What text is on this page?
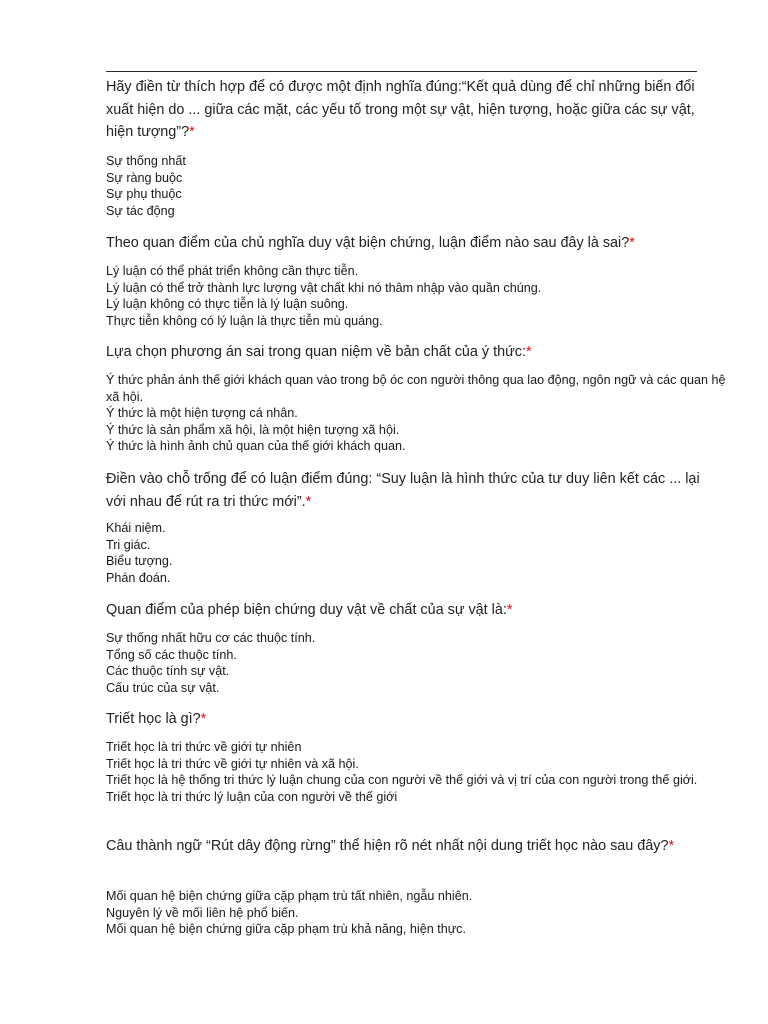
Hãy điền từ thích hợp để có được một định nghĩa đúng:“Kết quả dùng để chỉ những biến đổi xuất hiện do ... giữa các mặt, các yếu tố trong một sự vật, hiện tượng, hoặc giữa các sự vật, hiện tượng”?*
Sự thống nhất
Sự ràng buộc
Sự phụ thuộc
Sự tác động
Theo quan điểm của chủ nghĩa duy vật biện chứng, luận điểm nào sau đây là sai?*
Lý luận có thể phát triển không cần thực tiễn.
Lý luận có thể trở thành lực lượng vật chất khi nó thâm nhập vào quần chúng.
Lý luận không có thực tiễn là lý luận suông.
Thực tiễn không có lý luận là thực tiễn mù quáng.
Lựa chọn phương án sai trong quan niệm về bản chất của ý thức:*
Ý thức phản ánh thế giới khách quan vào trong bộ óc con người thông qua lao động, ngôn ngữ và các quan hệ xã hội.
Ý thức là một hiện tượng cá nhân.
Ý thức là sản phẩm xã hội, là một hiện tượng xã hội.
Ý thức là hình ảnh chủ quan của thế giới khách quan.
Điền vào chỗ trống để có luận điểm đúng: “Suy luận là hình thức của tư duy liên kết các ... lại với nhau để rút ra tri thức mới”.*
Khái niệm.
Tri giác.
Biểu tượng.
Phán đoán.
Quan điểm của phép biện chứng duy vật về chất của sự vật là:*
Sự thống nhất hữu cơ các thuộc tính.
Tổng số các thuộc tính.
Các thuộc tính sự vật.
Cấu trúc của sự vật.
Triết học là gì?*
Triết học là tri thức về giới tự nhiên
Triết học là tri thức về giới tự nhiên và xã hội.
Triết học là hệ thống tri thức lý luận chung của con người về thế giới và vị trí của con người trong thế giới.
Triết học là tri thức lý luận của con người về thế giới
Câu thành ngữ “Rút dây động rừng” thể hiện rõ nét nhất nội dung triết học nào sau đây?*
Mối quan hệ biện chứng giữa cặp phạm trù tất nhiên, ngẫu nhiên.
Nguyên lý về mối liên hệ phổ biến.
Mối quan hệ biện chứng giữa cặp phạm trù khả năng, hiện thực.
